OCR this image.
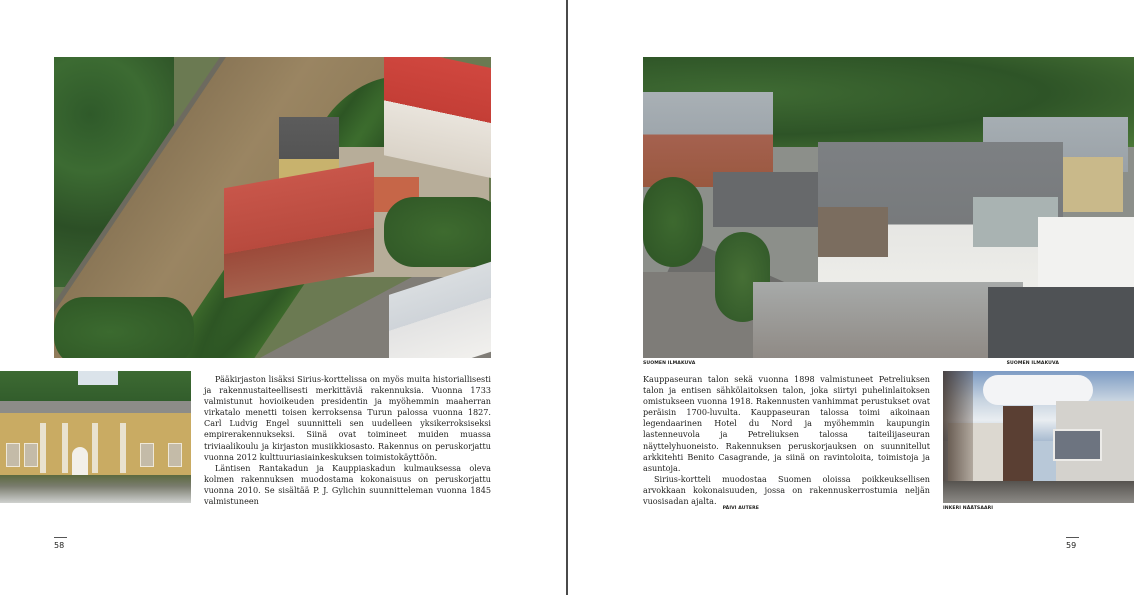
SUOMEN ILMAKUVA
PÄIVI AUTERE

Pääkirjaston lisäksi Sirius-korttelissa on myös muita historiallisesti ja rakennustaiteellisesti merkittäviä rakennuksia. Vuonna 1733 valmistunut hovioikeuden presidentin ja myöhemmin maaherran virkatalo menetti toisen kerroksensa Turun palossa vuonna 1827. Carl Ludvig Engel suunnitteli sen uudelleen yksikerroksiseksi empirerakennukseksi. Siinä ovat toimineet muiden muassa triviaalikoulu ja kirjaston musiikkiosasto. Rakennus on peruskorjattu vuonna 2012 kulttuuriasiainkeskuksen toimistokäyttöön.

Läntisen Rantakadun ja Kauppiaskadun kulmauksessa oleva kolmen rakennuksen muodostama kokonaisuus on peruskorjattu vuonna 2010. Se sisältää P. J. Gylichin suunnitteleman vuonna 1845 valmistuneen

58
SUOMEN ILMAKUVA

Kauppaseuran talon sekä vuonna 1898 valmistuneet Petreliuksen talon ja entisen sähkölaitoksen talon, joka siirtyi puhelinlaitoksen omistukseen vuonna 1918. Rakennusten vanhimmat perustukset ovat peräisin 1700-luvulta. Kauppaseuran talossa toimi aikoinaan legendaarinen Hotel du Nord ja myöhemmin kaupungin lastenneuvola ja Petreliuksen talossa taiteilijaseuran näyttelyhuoneisto. Rakennuksen peruskorjauksen on suunnitellut arkkitehti Benito Casagrande, ja siinä on ravintoloita, toimistoja ja asuntoja.

Sirius-kortteli muodostaa Suomen oloissa poikkeuksellisen arvokkaan kokonaisuuden, jossa on rakennuskerrostumia neljän vuosisadan ajalta.

INKERI NÄÄTSAARI
59
